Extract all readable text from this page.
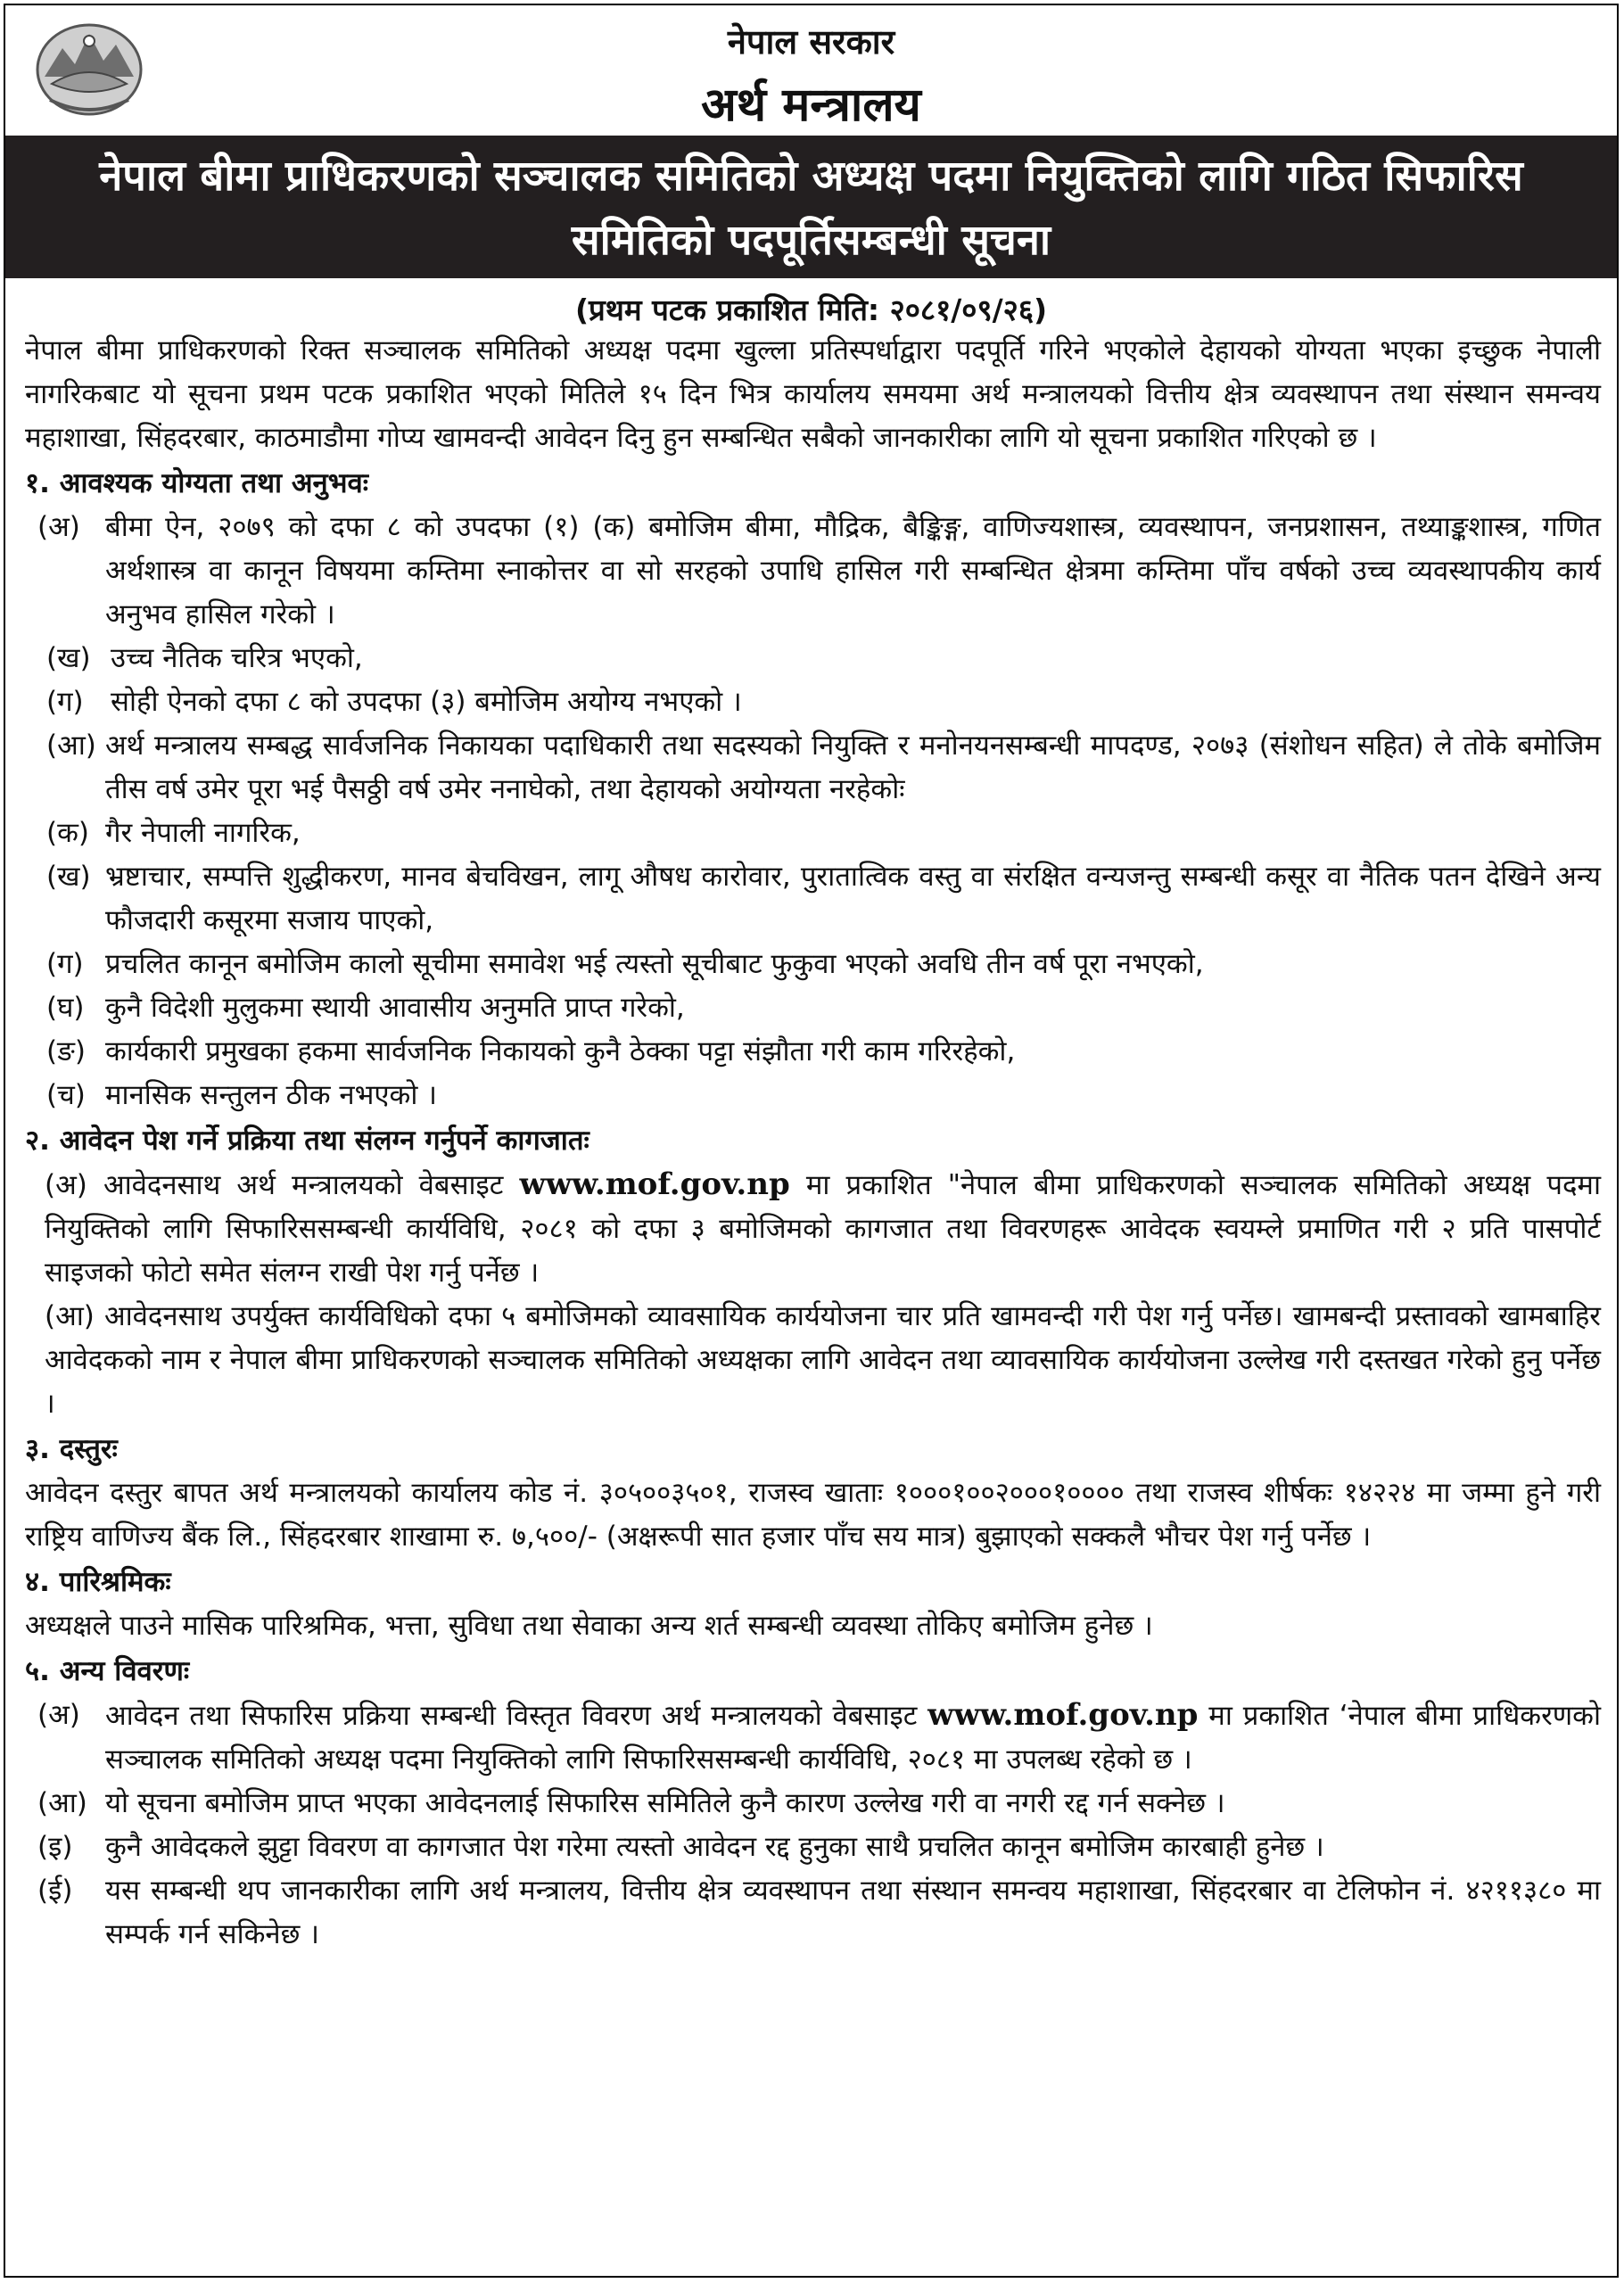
नेपाल सरकार
अर्थ मन्त्रालय
नेपाल बीमा प्राधिकरणको सञ्चालक समितिको अध्यक्ष पदमा नियुक्तिको लागि गठित सिफारिस
समितिको पदपूर्तिसम्बन्धी सूचना
(प्रथम पटक प्रकाशित मिति: २०८१/०९/२६)

नेपाल बीमा प्राधिकरणको रिक्त सञ्चालक समितिको अध्यक्ष पदमा खुल्ला प्रतिस्पर्धाद्वारा पदपूर्ति गरिने भएकोले देहायको योग्यता भएका इच्छुक नेपाली नागरिकबाट यो सूचना प्रथम पटक प्रकाशित भएको मितिले १५ दिन भित्र कार्यालय समयमा अर्थ मन्त्रालयको वित्तीय क्षेत्र व्यवस्थापन तथा संस्थान समन्वय महाशाखा, सिंहदरबार, काठमाडौमा गोप्य खामवन्दी आवेदन दिनु हुन सम्बन्धित सबैको जानकारीका लागि यो सूचना प्रकाशित गरिएको छ ।

१. आवश्यक योग्यता तथा अनुभवः

(अ) बीमा ऐन, २०७९ को दफा ८ को उपदफा (१) (क) बमोजिम बीमा, मौद्रिक, बैङ्किङ्ग, वाणिज्यशास्त्र, व्यवस्थापन, जनप्रशासन, तथ्याङ्कशास्त्र, गणित अर्थशास्त्र वा कानून विषयमा कम्तिमा स्नाकोत्तर वा सो सरहको उपाधि हासिल गरी सम्बन्धित क्षेत्रमा कम्तिमा पाँच वर्षको उच्च व्यवस्थापकीय कार्य अनुभव हासिल गरेको ।
(ख) उच्च नैतिक चरित्र भएको,
(ग) सोही ऐनको दफा ८ को उपदफा (३) बमोजिम अयोग्य नभएको ।
(आ) अर्थ मन्त्रालय सम्बद्ध सार्वजनिक निकायका पदाधिकारी तथा सदस्यको नियुक्ति र मनोनयनसम्बन्धी मापदण्ड, २०७३ (संशोधन सहित) ले तोके बमोजिम तीस वर्ष उमेर पूरा भई पैसठ्ठी वर्ष उमेर ननाघेको, तथा देहायको अयोग्यता नरहेकोः
(क) गैर नेपाली नागरिक,
(ख) भ्रष्टाचार, सम्पत्ति शुद्धीकरण, मानव बेचविखन, लागू औषध कारोवार, पुरातात्विक वस्तु वा संरक्षित वन्यजन्तु सम्बन्धी कसूर वा नैतिक पतन देखिने अन्य फौजदारी कसूरमा सजाय पाएको,
(ग) प्रचलित कानून बमोजिम कालो सूचीमा समावेश भई त्यस्तो सूचीबाट फुकुवा भएको अवधि तीन वर्ष पूरा नभएको,
(घ) कुनै विदेशी मुलुकमा स्थायी आवासीय अनुमति प्राप्त गरेको,
(ङ) कार्यकारी प्रमुखका हकमा सार्वजनिक निकायको कुनै ठेक्का पट्टा संझौता गरी काम गरिरहेको,
(च) मानसिक सन्तुलन ठीक नभएको ।

२. आवेदन पेश गर्ने प्रक्रिया तथा संलग्न गर्नुपर्ने कागजातः

(अ) आवेदनसाथ अर्थ मन्त्रालयको वेबसाइट www.mof.gov.np मा प्रकाशित "नेपाल बीमा प्राधिकरणको सञ्चालक समितिको अध्यक्ष पदमा नियुक्तिको लागि सिफारिससम्बन्धी कार्यविधि, २०८१ को दफा ३ बमोजिमको कागजात तथा विवरणहरू आवेदक स्वयम्ले प्रमाणित गरी २ प्रति पासपोर्ट साइजको फोटो समेत संलग्न राखी पेश गर्नु पर्नेछ ।
(आ) आवेदनसाथ उपर्युक्त कार्यविधिको दफा ५ बमोजिमको व्यावसायिक कार्ययोजना चार प्रति खामवन्दी गरी पेश गर्नु पर्नेछ। खामबन्दी प्रस्तावको खामबाहिर आवेदकको नाम र नेपाल बीमा प्राधिकरणको सञ्चालक समितिको अध्यक्षका लागि आवेदन तथा व्यावसायिक कार्ययोजना उल्लेख गरी दस्तखत गरेको हुनु पर्नेछ ।

३. दस्तुरः

आवेदन दस्तुर बापत अर्थ मन्त्रालयको कार्यालय कोड नं. ३०५००३५०१, राजस्व खाताः १०००१००२०००१०००० तथा राजस्व शीर्षकः १४२२४ मा जम्मा हुने गरी राष्ट्रिय वाणिज्य बैंक लि., सिंहदरबार शाखामा रु. ७,५००/- (अक्षरूपी सात हजार पाँच सय मात्र) बुझाएको सक्कलै भौचर पेश गर्नु पर्नेछ ।

४. पारिश्रमिकः

अध्यक्षले पाउने मासिक पारिश्रमिक, भत्ता, सुविधा तथा सेवाका अन्य शर्त सम्बन्धी व्यवस्था तोकिए बमोजिम हुनेछ ।

५. अन्य विवरणः

(अ) आवेदन तथा सिफारिस प्रक्रिया सम्बन्धी विस्तृत विवरण अर्थ मन्त्रालयको वेबसाइट www.mof.gov.np मा प्रकाशित ‘नेपाल बीमा प्राधिकरणको सञ्चालक समितिको अध्यक्ष पदमा नियुक्तिको लागि सिफारिससम्बन्धी कार्यविधि, २०८१ मा उपलब्ध रहेको छ ।
(आ) यो सूचना बमोजिम प्राप्त भएका आवेदनलाई सिफारिस समितिले कुनै कारण उल्लेख गरी वा नगरी रद्द गर्न सक्नेछ ।
(इ) कुनै आवेदकले झुट्टा विवरण वा कागजात पेश गरेमा त्यस्तो आवेदन रद्द हुनुका साथै प्रचलित कानून बमोजिम कारबाही हुनेछ ।
(ई) यस सम्बन्धी थप जानकारीका लागि अर्थ मन्त्रालय, वित्तीय क्षेत्र व्यवस्थापन तथा संस्थान समन्वय महाशाखा, सिंहदरबार वा टेलिफोन नं. ४२११३८० मा सम्पर्क गर्न सकिनेछ ।
